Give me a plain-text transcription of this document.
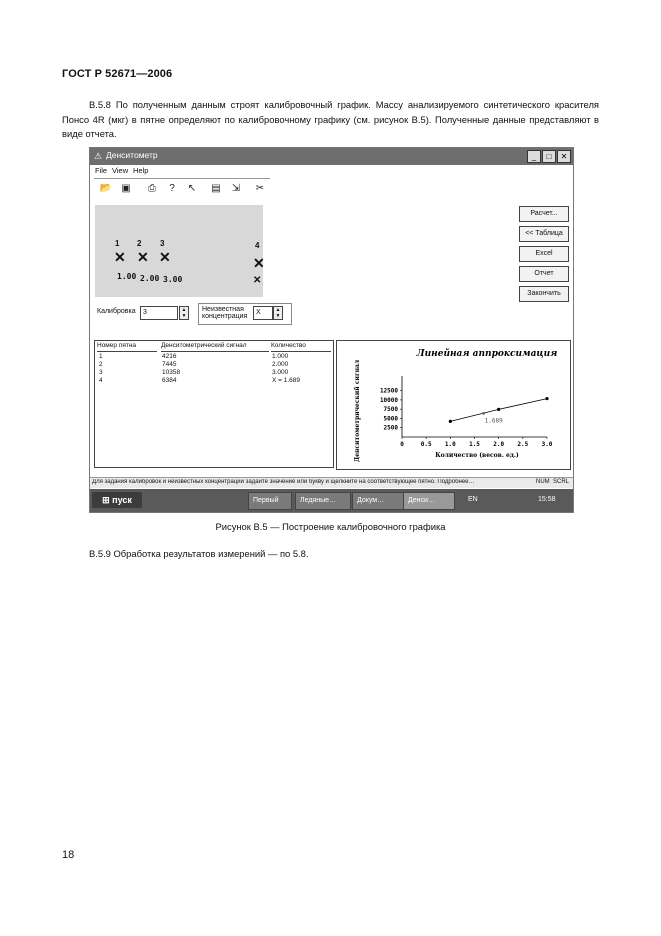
ГОСТ Р 52671—2006
В.5.8 По полученным данным строят калибровочный график. Массу анализируемого синтетического красителя Понсо 4R (мкг) в пятне определяют по калибровочному графику (см. рисунок В.5). Полученные данные представляют в виде отчета.
⚠ Денситометр	_	□	✕
File View Help
📂 ▣	⎙	?	↖	▤	⇲	✂
1 2 3	4
✕ ✕ ✕	✕
✕
1.00 2.00 3.00
Расчет...
<< Таблица
Excel
Отчет
Закончить
Калибровка	3	▲
▼
Неизвестная концентрация
X	▲
▼
Номер пятна	Денситометрический сигнал	Количество
1	4216	1.000
2	7445	2.000
3	10358	3.000
4	6384	X = 1.689
Линейная аппроксимация
0	0.5 1.0 1.5 2.0 2.5 3.0
2500
5000
7500
10000
12500
Количество (весов. ед.)
Денситометрический сигнал	1.689
Для задания калибровок и неизвестных концентраций задайте значение или букву и щелкните на соответствующее пятно. Подробнее…	NUM SCRL
⊞ пуск	Первый	Ледяные…	Докум…	Денси…	EN	15:58
Рисунок В.5 — Построение калибровочного графика
В.5.9 Обработка результатов измерений — по 5.8.
18
